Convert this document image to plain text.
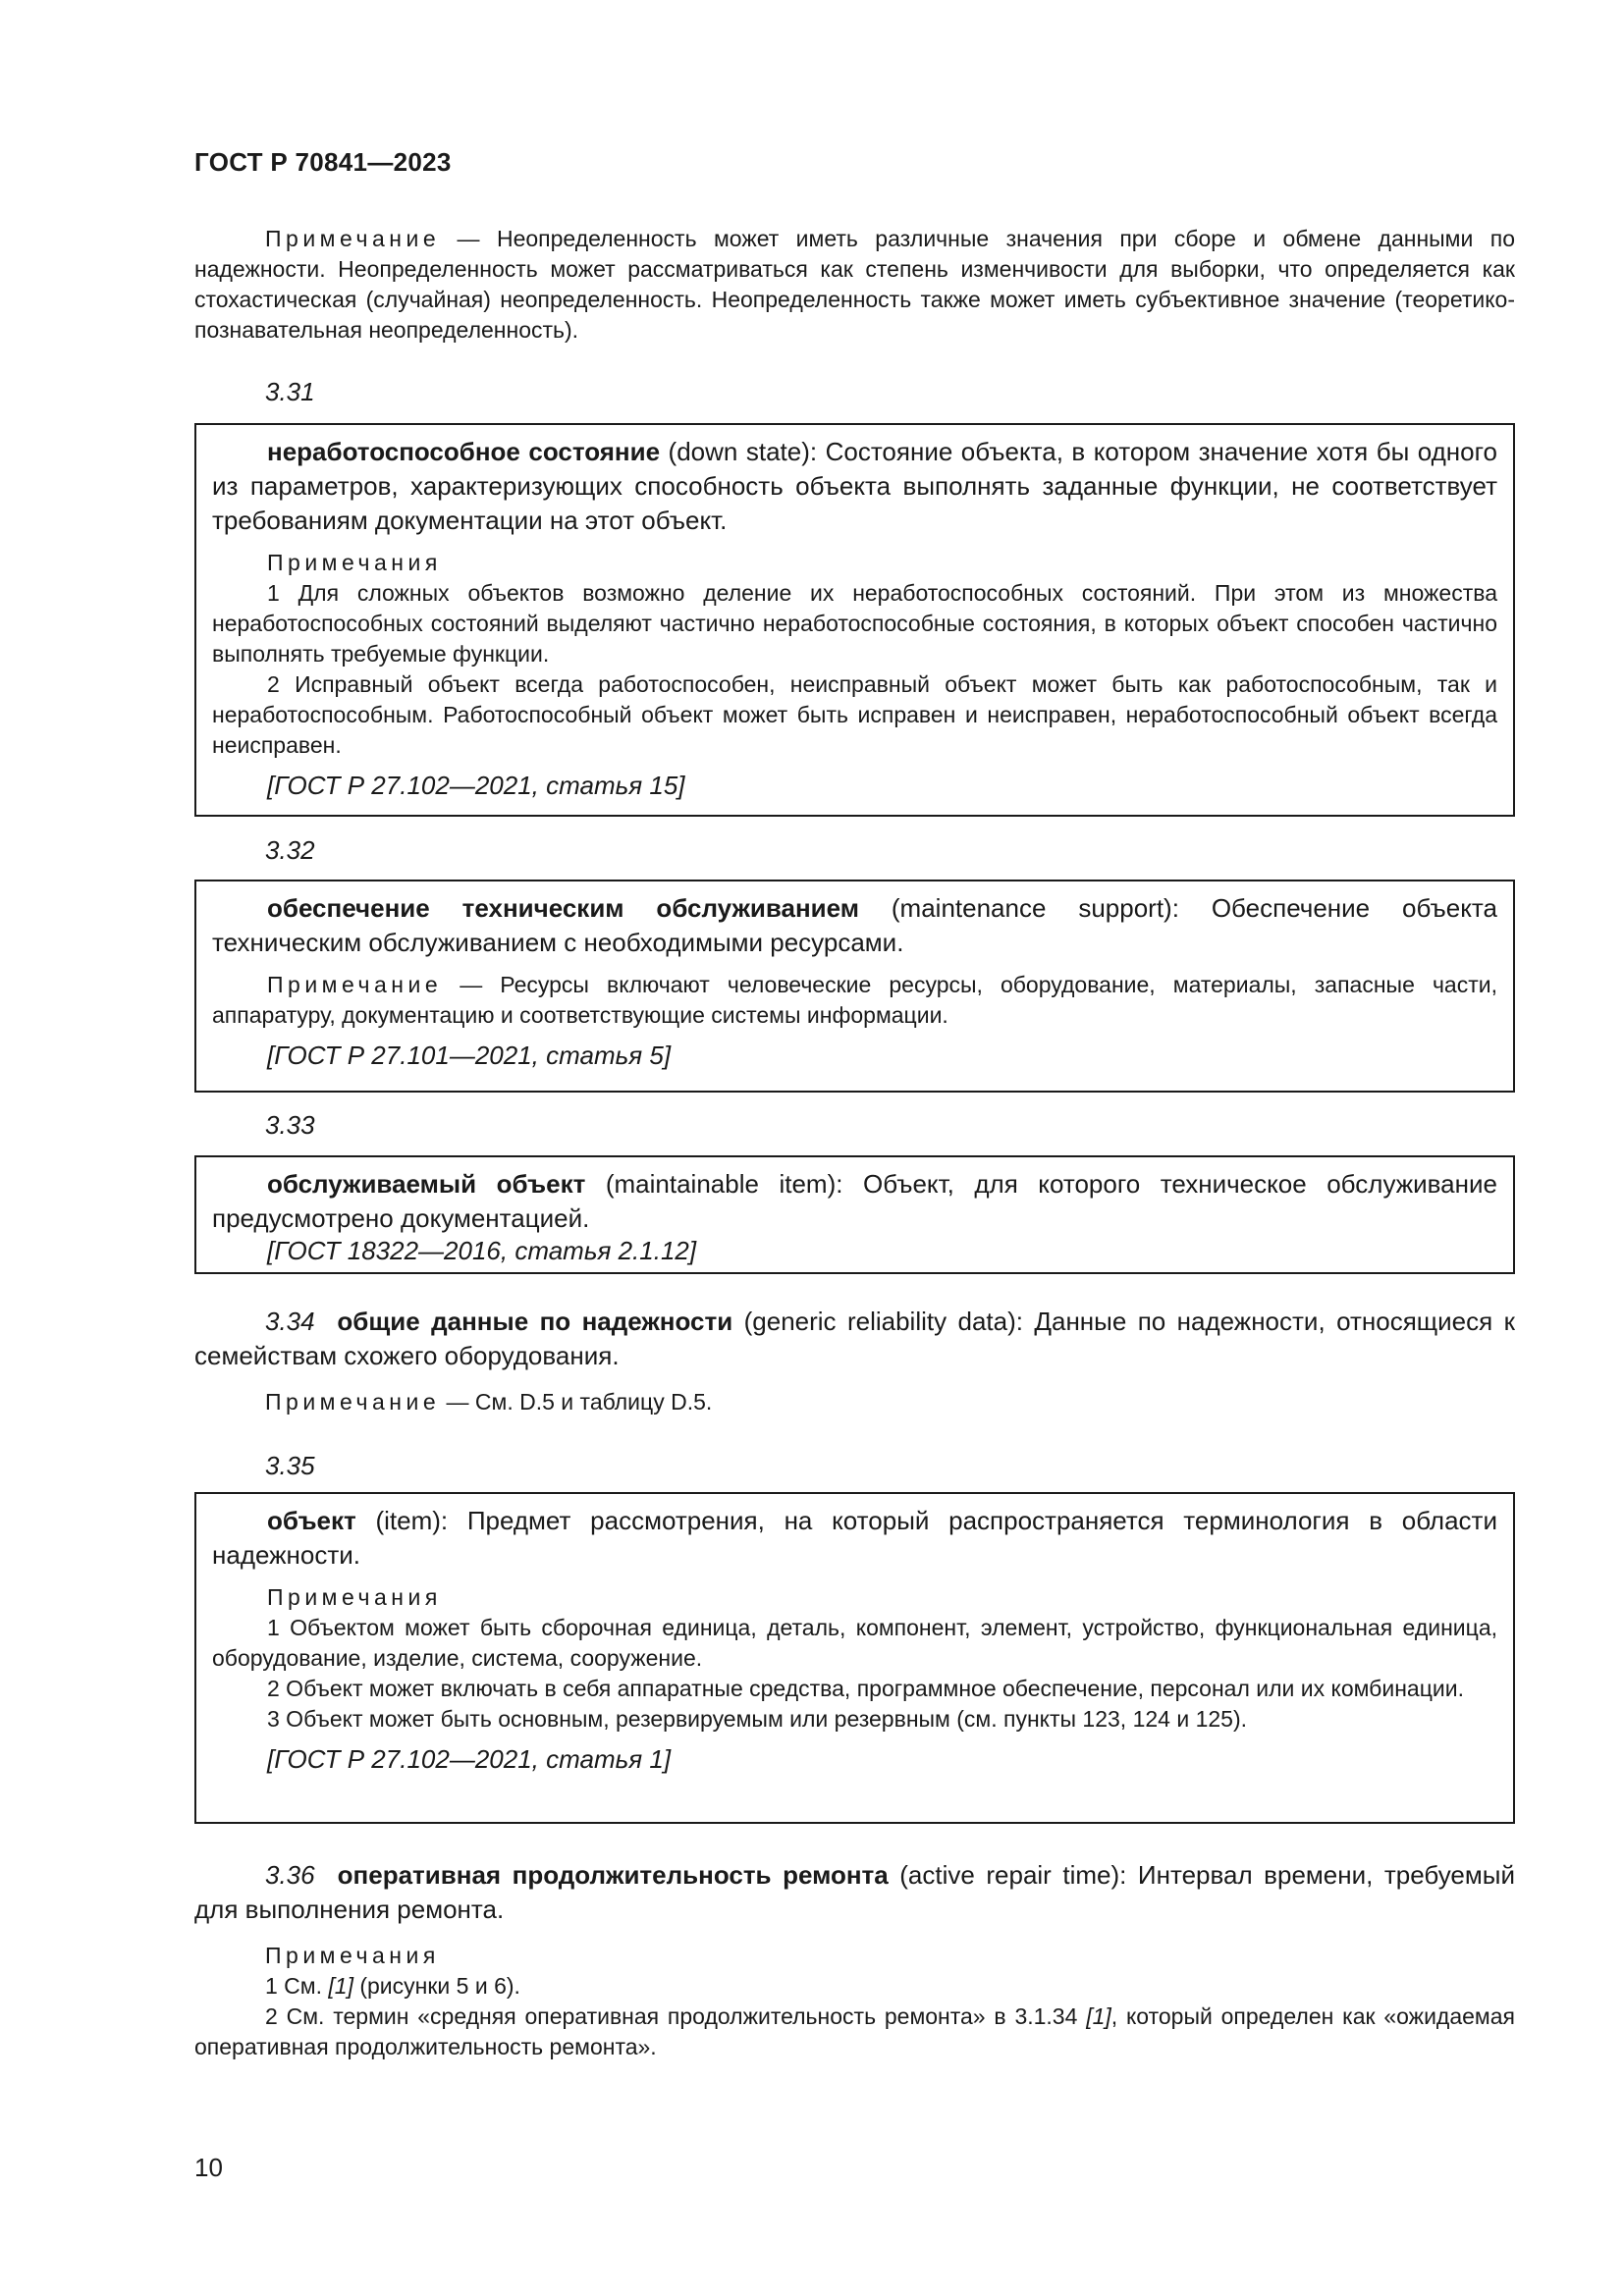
ГОСТ Р 70841—2023

Примечание — Неопределенность может иметь различные значения при сборе и обмене данными по надежности. Неопределенность может рассматриваться как степень изменчивости для выборки, что определяется как стохастическая (случайная) неопределенность. Неопределенность также может иметь субъективное значение (теоретико-познавательная неопределенность).

3.31

неработоспособное состояние (down state): Состояние объекта, в котором значение хотя бы одного из параметров, характеризующих способность объекта выполнять заданные функции, не соответствует требованиям документации на этот объект.

Примечания

1 Для сложных объектов возможно деление их неработоспособных состояний. При этом из множества неработоспособных состояний выделяют частично неработоспособные состояния, в которых объект способен частично выполнять требуемые функции.

2 Исправный объект всегда работоспособен, неисправный объект может быть как работоспособным, так и неработоспособным. Работоспособный объект может быть исправен и неисправен, неработоспособный объект всегда неисправен.

[ГОСТ Р 27.102—2021, статья 15]

3.32

обеспечение техническим обслуживанием (maintenance support): Обеспечение объекта техническим обслуживанием с необходимыми ресурсами.

Примечание — Ресурсы включают человеческие ресурсы, оборудование, материалы, запасные части, аппаратуру, документацию и соответствующие системы информации.

[ГОСТ Р 27.101—2021, статья 5]

3.33

обслуживаемый объект (maintainable item): Объект, для которого техническое обслуживание предусмотрено документацией.

[ГОСТ 18322—2016, статья 2.1.12]

3.34 общие данные по надежности (generic reliability data): Данные по надежности, относящиеся к семействам схожего оборудования.

Примечание — См. D.5 и таблицу D.5.

3.35

объект (item): Предмет рассмотрения, на который распространяется терминология в области надежности.

Примечания

1 Объектом может быть сборочная единица, деталь, компонент, элемент, устройство, функциональная единица, оборудование, изделие, система, сооружение.

2 Объект может включать в себя аппаратные средства, программное обеспечение, персонал или их комбинации.

3 Объект может быть основным, резервируемым или резервным (см. пункты 123, 124 и 125).

[ГОСТ Р 27.102—2021, статья 1]

3.36 оперативная продолжительность ремонта (active repair time): Интервал времени, требуемый для выполнения ремонта.

Примечания

1 См. [1] (рисунки 5 и 6).

2 См. термин «средняя оперативная продолжительность ремонта» в 3.1.34 [1], который определен как «ожидаемая оперативная продолжительность ремонта».

10
